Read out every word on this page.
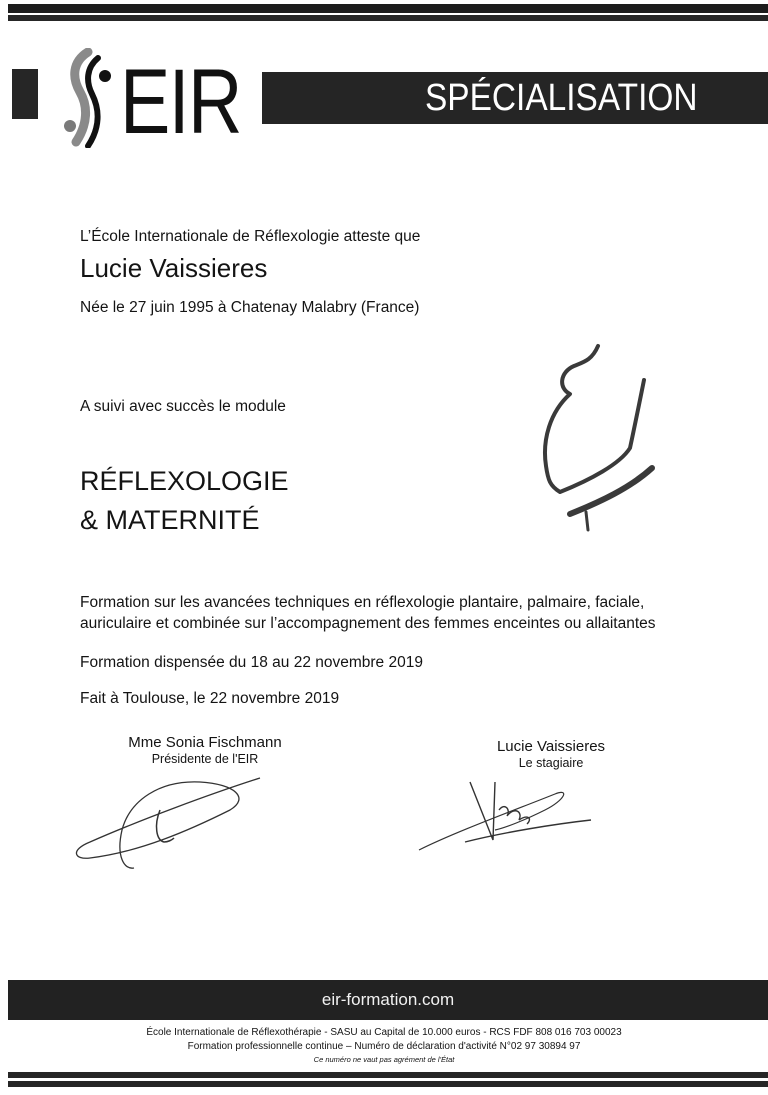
EIR	SPÉCIALISATION
L’École Internationale de Réflexologie atteste que
Lucie Vaissieres
Née le 27 juin 1995 à Chatenay Malabry (France)
A suivi avec succès le module
RÉFLEXOLOGIE
& MATERNITÉ
Formation sur les avancées techniques en réflexologie plantaire, palmaire, faciale, auriculaire et combinée sur l’accompagnement des femmes enceintes ou allaitantes
Formation dispensée du 18 au 22 novembre 2019
Fait à Toulouse, le 22 novembre 2019
Mme Sonia Fischmann
Présidente de l'EIR
Lucie Vaissieres
Le stagiaire
eir-formation.com
École Internationale de Réflexothérapie - SASU au Capital de 10.000 euros - RCS FDF 808 016 703 00023
Formation professionnelle continue – Numéro de déclaration d'activité N°02 97 30894 97
Ce numéro ne vaut pas agrément de l'État
